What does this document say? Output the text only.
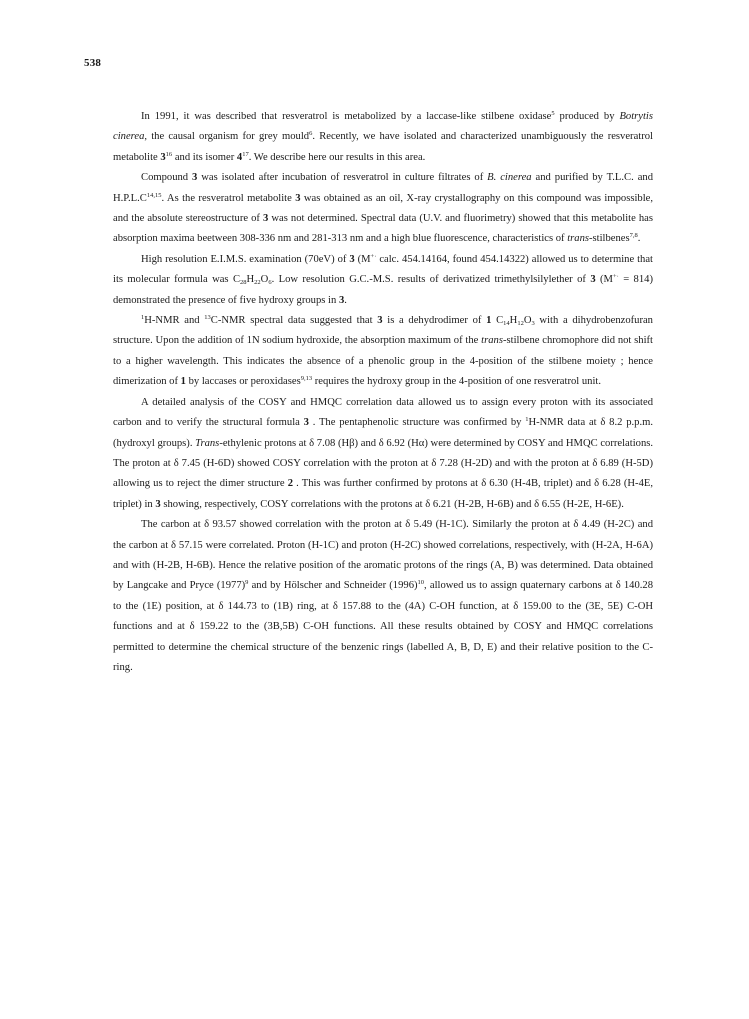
538

In 1991, it was described that resveratrol is metabolized by a laccase-like stilbene oxidase$^5$ produced by Botrytis cinerea, the causal organism for grey mould$^6$. Recently, we have isolated and characterized unambiguously the resveratrol metabolite $3^{16}$ and its isomer $4^{17}$. We describe here our results in this area.

Compound 3 was isolated after incubation of resveratrol in culture filtrates of B. cinerea and purified by T.L.C. and $H.P.L.C^{14,15}$. As the resveratrol metabolite 3 was obtained as an oil, X-ray crystallography on this compound was impossible, and the absolute stereostructure of 3 was not determined. Spectral data (U.V. and fluorimetry) showed that this metabolite has absorption maxima beetween 308-336 nm and 281-313 nm and a high blue fluorescence, characteristics of trans-stilbenes$^{7,8}$.

High resolution E.I.M.S. examination (70eV) of 3 (M+· calc. 454.14164, found 454.14322) allowed us to determine that its molecular formula was $C_{28}H_{22}O_6$. Low resolution G.C.-M.S. results of derivatized trimethylsilylether of 3 (M+· = 814) demonstrated the presence of five hydroxy groups in 3.

$^1$H-NMR and $^{13}$C-NMR spectral data suggested that 3 is a dehydrodimer of 1 $C_{14}H_{12}O_3$ with a dihydrobenzofuran structure. Upon the addition of 1N sodium hydroxide, the absorption maximum of the trans-stilbene chromophore did not shift to a higher wavelength. This indicates the absence of a phenolic group in the 4-position of the stilbene moiety ; hence dimerization of 1 by laccases or peroxidases$^{9,13}$ requires the hydroxy group in the 4-position of one resveratrol unit.

A detailed analysis of the COSY and HMQC correlation data allowed us to assign every proton with its associated carbon and to verify the structural formula 3 . The pentaphenolic structure was confirmed by $^1$H-NMR data at δ 8.2 p.p.m. (hydroxyl groups). Trans-ethylenic protons at δ 7.08 (Hβ) and δ 6.92 (Hα) were determined by COSY and HMQC correlations. The proton at δ 7.45 (H-6D) showed COSY correlation with the proton at δ 7.28 (H-2D) and with the proton at δ 6.89 (H-5D) allowing us to reject the dimer structure 2 . This was further confirmed by protons at δ 6.30 (H-4B, triplet) and δ 6.28 (H-4E, triplet) in 3 showing, respectively, COSY correlations with the protons at δ 6.21 (H-2B, H-6B) and δ 6.55 (H-2E, H-6E).

The carbon at δ 93.57 showed correlation with the proton at δ 5.49 (H-1C). Similarly the proton at δ 4.49 (H-2C) and the carbon at δ 57.15 were correlated. Proton (H-1C) and proton (H-2C) showed correlations, respectively, with (H-2A, H-6A) and with (H-2B, H-6B). Hence the relative position of the aromatic protons of the rings (A, B) was determined. Data obtained by Langcake and Pryce $(1977)^9$ and by Hölscher and Schneider $(1996)^{10}$, allowed us to assign quaternary carbons at δ 140.28 to the (1E) position, at δ 144.73 to (1B) ring, at δ 157.88 to the (4A) C-OH function, at δ 159.00 to the (3E, 5E) C-OH functions and at δ 159.22 to the (3B,5B) C-OH functions. All these results obtained by COSY and HMQC correlations permitted to determine the chemical structure of the benzenic rings (labelled A, B, D, E) and their relative position to the C-ring.
